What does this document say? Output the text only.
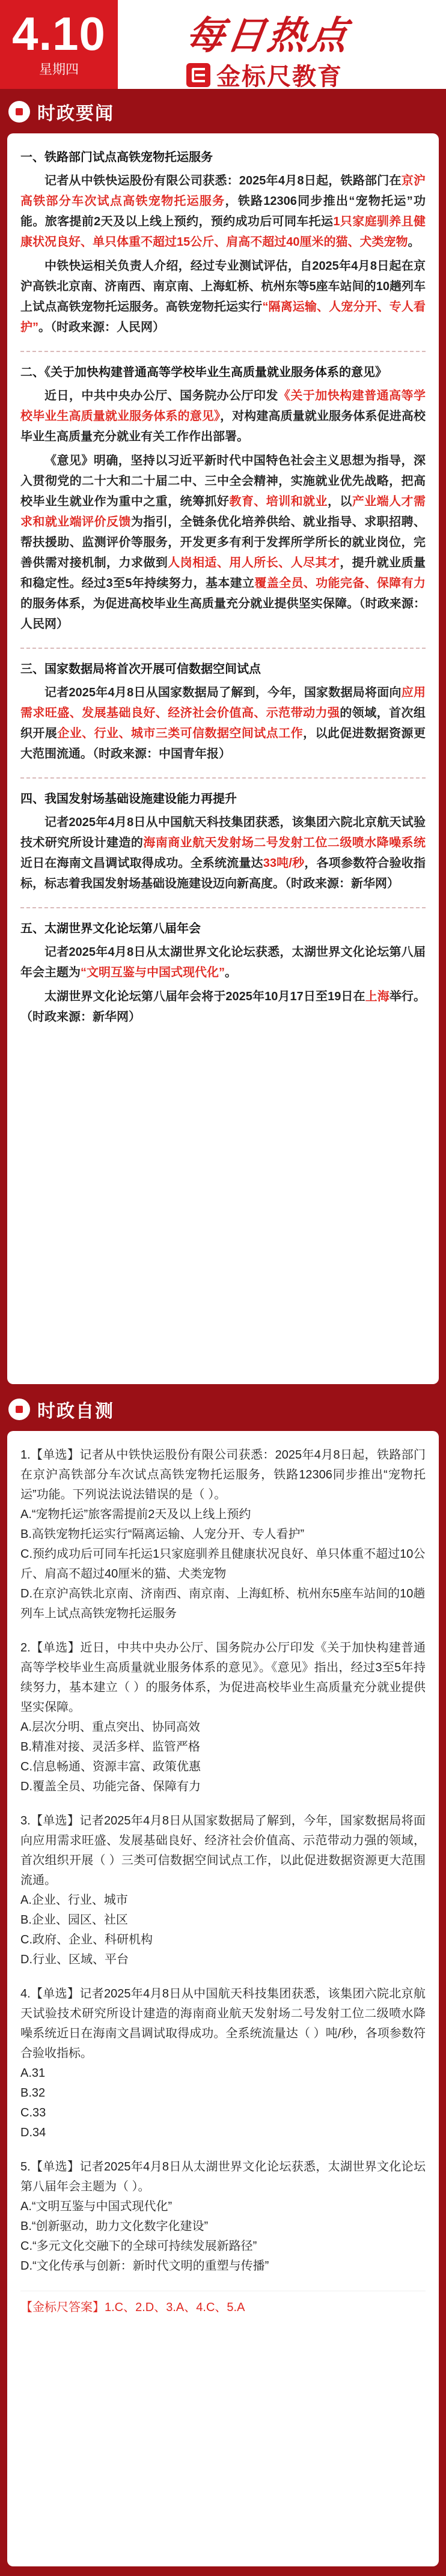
4.10
星期四
每日热点
金标尺教育
时政要闻
一、铁路部门试点高铁宠物托运服务

记者从中铁快运股份有限公司获悉：2025年4月8日起，铁路部门在京沪高铁部分车次试点高铁宠物托运服务，铁路12306同步推出“宠物托运”功能。旅客提前2天及以上线上预约，预约成功后可同车托运1只家庭驯养且健康状况良好、单只体重不超过15公斤、肩高不超过40厘米的猫、犬类宠物。

中铁快运相关负责人介绍，经过专业测试评估，自2025年4月8日起在京沪高铁北京南、济南西、南京南、上海虹桥、杭州东等5座车站间的10趟列车上试点高铁宠物托运服务。高铁宠物托运实行“隔离运输、人宠分开、专人看护”。（时政来源：人民网）

二、《关于加快构建普通高等学校毕业生高质量就业服务体系的意见》

近日，中共中央办公厅、国务院办公厅印发《关于加快构建普通高等学校毕业生高质量就业服务体系的意见》，对构建高质量就业服务体系促进高校毕业生高质量充分就业有关工作作出部署。

《意见》明确，坚持以习近平新时代中国特色社会主义思想为指导，深入贯彻党的二十大和二十届二中、三中全会精神，实施就业优先战略，把高校毕业生就业作为重中之重，统筹抓好教育、培训和就业，以产业端人才需求和就业端评价反馈为指引，全链条优化培养供给、就业指导、求职招聘、帮扶援助、监测评价等服务，开发更多有利于发挥所学所长的就业岗位，完善供需对接机制，力求做到人岗相适、用人所长、人尽其才，提升就业质量和稳定性。经过3至5年持续努力，基本建立覆盖全员、功能完备、保障有力的服务体系，为促进高校毕业生高质量充分就业提供坚实保障。（时政来源：人民网）

三、国家数据局将首次开展可信数据空间试点

记者2025年4月8日从国家数据局了解到，今年，国家数据局将面向应用需求旺盛、发展基础良好、经济社会价值高、示范带动力强的领域，首次组织开展企业、行业、城市三类可信数据空间试点工作，以此促进数据资源更大范围流通。（时政来源：中国青年报）

四、我国发射场基础设施建设能力再提升

记者2025年4月8日从中国航天科技集团获悉，该集团六院北京航天试验技术研究所设计建造的海南商业航天发射场二号发射工位二级喷水降噪系统近日在海南文昌调试取得成功。全系统流量达33吨/秒，各项参数符合验收指标，标志着我国发射场基础设施建设迈向新高度。（时政来源：新华网）

五、太湖世界文化论坛第八届年会

记者2025年4月8日从太湖世界文化论坛获悉，太湖世界文化论坛第八届年会主题为“文明互鉴与中国式现代化”。

太湖世界文化论坛第八届年会将于2025年10月17日至19日在上海举行。（时政来源：新华网）

时政自测

1.【单选】记者从中铁快运股份有限公司获悉：2025年4月8日起，铁路部门在京沪高铁部分车次试点高铁宠物托运服务，铁路12306同步推出“宠物托运”功能。下列说法说法错误的是（ ）。

A.“宠物托运”旅客需提前2天及以上线上预约

B.高铁宠物托运实行“隔离运输、人宠分开、专人看护”

C.预约成功后可同车托运1只家庭驯养且健康状况良好、单只体重不超过10公斤、肩高不超过40厘米的猫、犬类宠物

D.在京沪高铁北京南、济南西、南京南、上海虹桥、杭州东5座车站间的10趟列车上试点高铁宠物托运服务

2.【单选】近日，中共中央办公厅、国务院办公厅印发《关于加快构建普通高等学校毕业生高质量就业服务体系的意见》。《意见》指出，经过3至5年持续努力，基本建立（ ）的服务体系，为促进高校毕业生高质量充分就业提供坚实保障。

A.层次分明、重点突出、协同高效

B.精准对接、灵活多样、监管严格

C.信息畅通、资源丰富、政策优惠

D.覆盖全员、功能完备、保障有力

3.【单选】记者2025年4月8日从国家数据局了解到，今年，国家数据局将面向应用需求旺盛、发展基础良好、经济社会价值高、示范带动力强的领域，首次组织开展（ ）三类可信数据空间试点工作，以此促进数据资源更大范围流通。

A.企业、行业、城市

B.企业、园区、社区

C.政府、企业、科研机构

D.行业、区域、平台

4.【单选】记者2025年4月8日从中国航天科技集团获悉，该集团六院北京航天试验技术研究所设计建造的海南商业航天发射场二号发射工位二级喷水降噪系统近日在海南文昌调试取得成功。全系统流量达（ ）吨/秒，各项参数符合验收指标。

A.31

B.32

C.33

D.34

5.【单选】记者2025年4月8日从太湖世界文化论坛获悉，太湖世界文化论坛第八届年会主题为（ ）。

A.“文明互鉴与中国式现代化”

B.“创新驱动，助力文化数字化建设”

C.“多元文化交融下的全球可持续发展新路径”

D.“文化传承与创新：新时代文明的重塑与传播”

【金标尺答案】1.C、2.D、3.A、4.C、5.A
